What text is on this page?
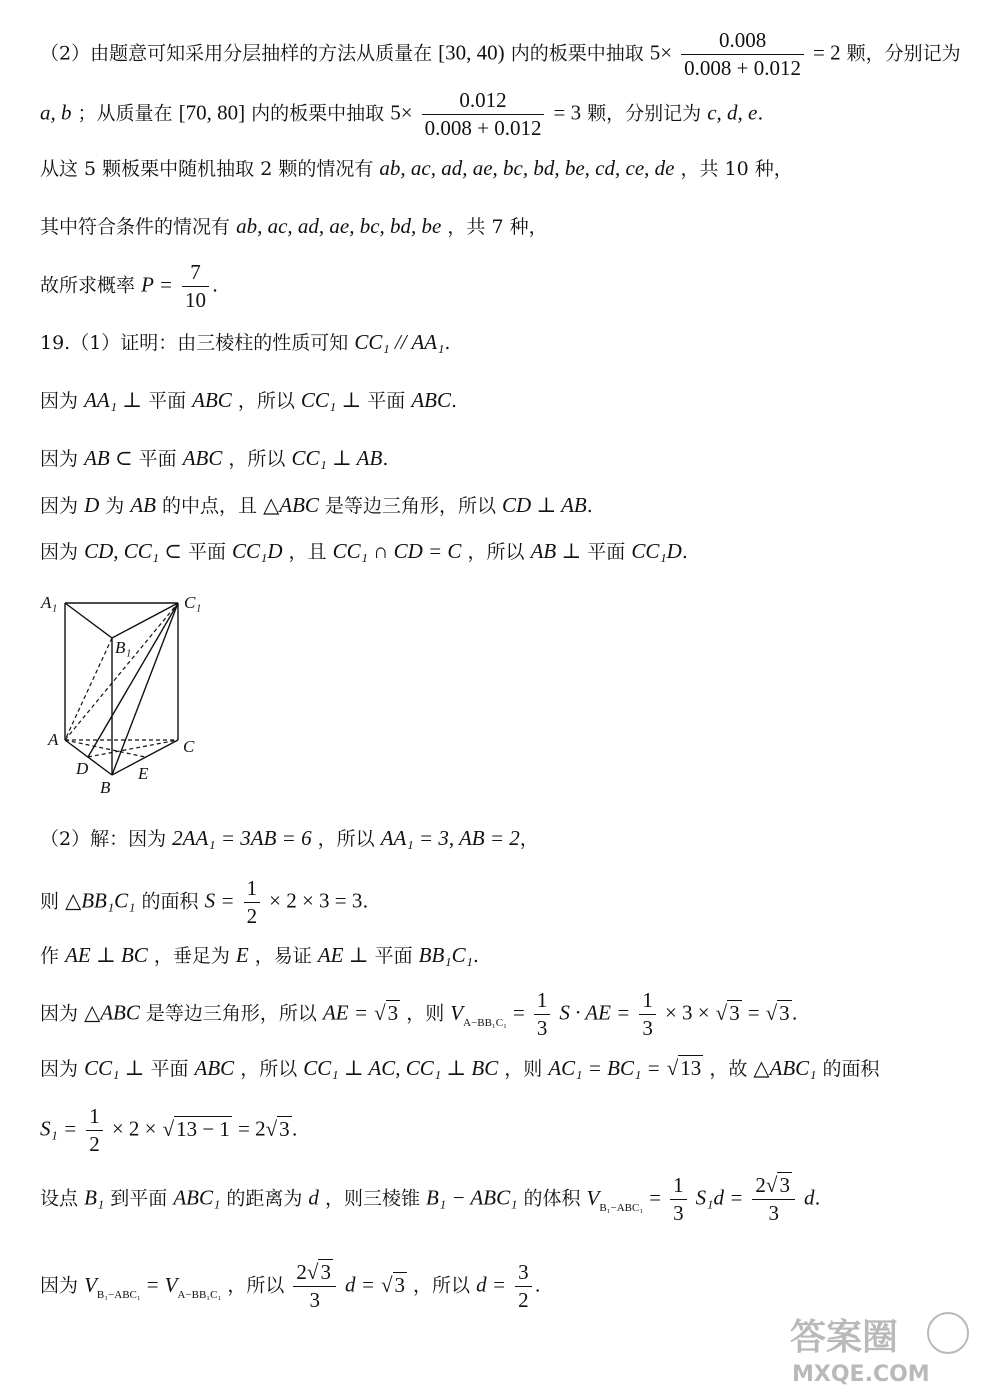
（2）由题意可知采用分层抽样的方法从质量在 [30, 40) 内的板栗中抽取 $5\times \frac{0.008}{0.008 + 0.012} = 2$ 颗，分别记为
a, b ；从质量在 [70, 80] 内的板栗中抽取 $5\times \frac{0.012}{0.008 + 0.012} = 3$ 颗，分别记为 c, d, e.
从这 5 颗板栗中随机抽取 2 颗的情况有 ab, ac, ad, ae, bc, bd, be, cd, ce, de ，共 10 种，
其中符合条件的情况有 ab, ac, ad, ae, bc, bd, be ，共 7 种，
故所求概率 $P = \frac{7}{10}$ .
19.（1）证明：由三棱柱的性质可知 CC₁ // AA₁.
因为 AA₁ ⊥ 平面 ABC ，所以 CC₁ ⊥ 平面 ABC.
因为 AB ⊂ 平面 ABC ，所以 CC₁ ⊥ AB.
因为 D 为 AB 的中点，且 △ABC 是等边三角形，所以 CD ⊥ AB.
因为 CD, CC₁ ⊂ 平面 CC₁D ，且 CC₁ ∩ CD = C ，所以 AB ⊥ 平面 CC₁D.
A₁	C₁
B₁
A	C
D
B
E
（2）解：因为 2AA₁ = 3AB = 6 ，所以 AA₁ = 3, AB = 2，
则 △BB₁C₁ 的面积 $S = \frac{1}{2} \times 2 \times 3 = 3$.
作 AE ⊥ BC ，垂足为 E ，易证 AE ⊥ 平面 BB₁C₁.
因为 △ABC 是等边三角形，所以 AE = √3 ，则 $V_{A-BB_1C_1} = \frac{1}{3}$ S · AE = $\frac{1}{3} \times 3 \times √3 = √3$ .
因为 CC₁ ⊥ 平面 ABC ，所以 CC₁ ⊥ AC, CC₁ ⊥ BC ，则 AC₁ = BC₁ = √13 ，故 △ABC₁ 的面积
$S_1 = \frac{1}{2} \times 2 \times √13 - 1 = 2√3$ .
设点 B₁ 到平面 ABC₁ 的距离为 d ，则三棱锥 B₁ − ABC₁ 的体积 $V_{B_1-ABC_1} = \frac{1}{3} S_1d = \frac{2√3}{3} d$.
因为 $V_{B_1-ABC_1} = V_{A-BB_1C_1}$ ，所以 $\frac{2√3}{3}$ d = √3 ，所以 $d = \frac{3}{2}$ .
答案圈
MXQE.COM
